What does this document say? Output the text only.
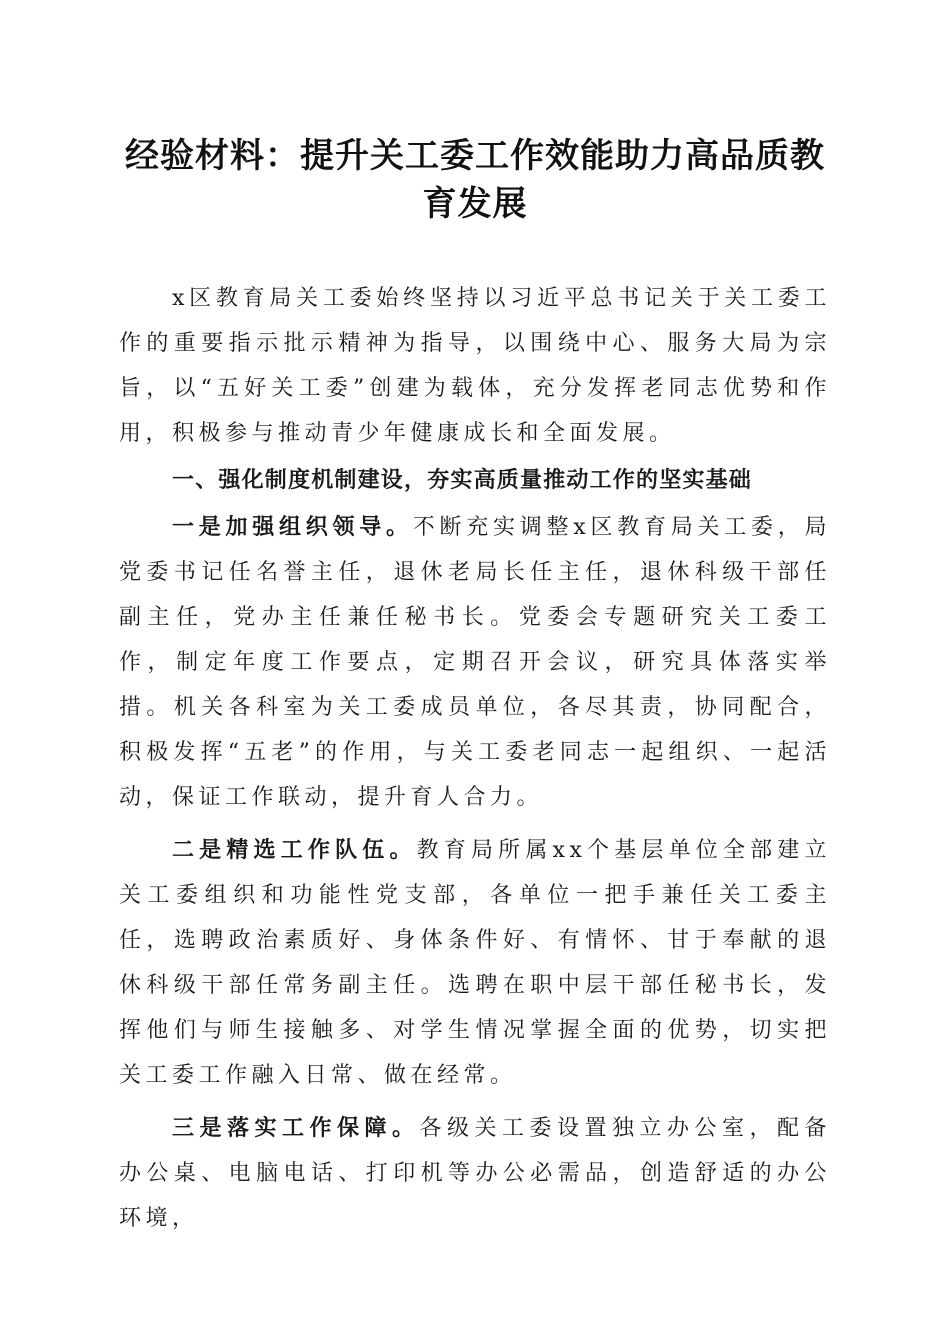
经验材料：提升关工委工作效能助力高品质教育发展

x区教育局关工委始终坚持以习近平总书记关于关工委工作的重要指示批示精神为指导，以围绕中心、服务大局为宗旨，以“五好关工委”创建为载体，充分发挥老同志优势和作用，积极参与推动青少年健康成长和全面发展。

一、强化制度机制建设，夯实高质量推动工作的坚实基础

一是加强组织领导。不断充实调整x区教育局关工委，局党委书记任名誉主任，退休老局长任主任，退休科级干部任副主任，党办主任兼任秘书长。党委会专题研究关工委工作，制定年度工作要点，定期召开会议，研究具体落实举措。机关各科室为关工委成员单位，各尽其责，协同配合，积极发挥“五老”的作用，与关工委老同志一起组织、一起活动，保证工作联动，提升育人合力。

二是精选工作队伍。教育局所属xx个基层单位全部建立关工委组织和功能性党支部，各单位一把手兼任关工委主任，选聘政治素质好、身体条件好、有情怀、甘于奉献的退休科级干部任常务副主任。选聘在职中层干部任秘书长，发挥他们与师生接触多、对学生情况掌握全面的优势，切实把关工委工作融入日常、做在经常。

三是落实工作保障。各级关工委设置独立办公室，配备办公桌、电脑电话、打印机等办公必需品，创造舒适的办公环境，
